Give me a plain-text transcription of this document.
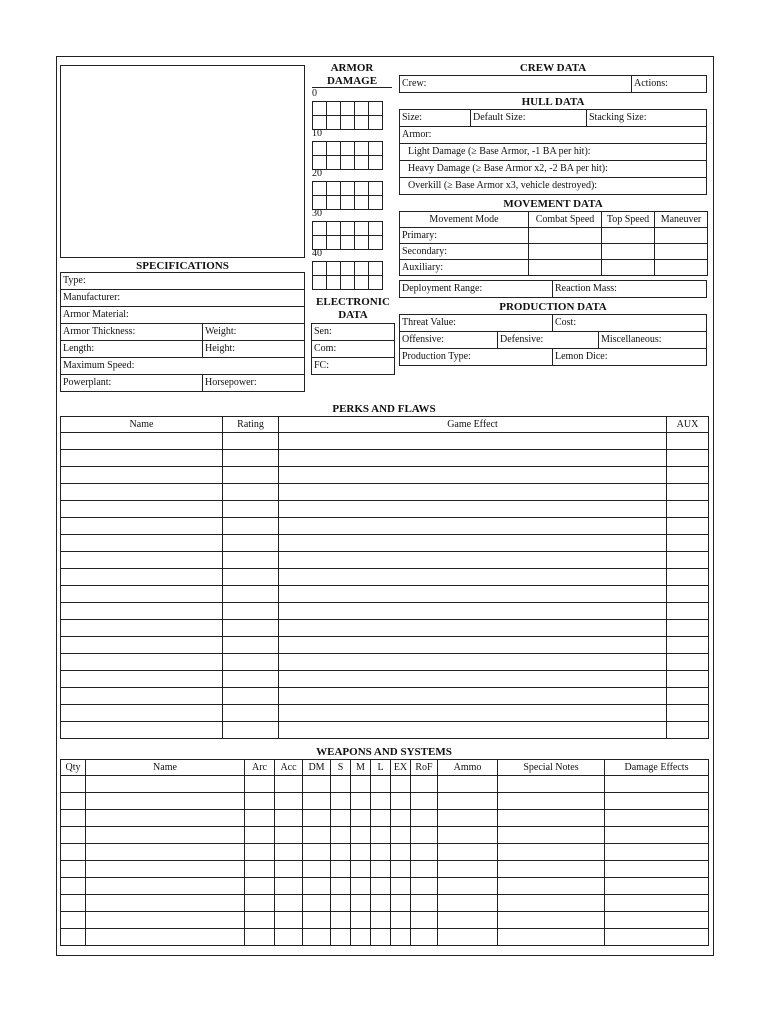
SPECIFICATIONS
Type:
Manufacturer:
Armor Material:
Armor Thickness:	Weight:
Length:	Height:
Maximum Speed:
Powerplant:	Horsepower:
ARMOR
DAMAGE
0
10
20
30
40
ELECTRONIC
DATA
Sen:
Com:
FC:
CREW DATA
Crew:	Actions:
HULL DATA
Size:	Default Size:	Stacking Size:
Armor:
Light Damage (≥ Base Armor, -1 BA per hit):
Heavy Damage (≥ Base Armor x2, -2 BA per hit):
Overkill (≥ Base Armor x3, vehicle destroyed):
MOVEMENT DATA
Movement Mode	Combat Speed	Top Speed	Maneuver
Primary:			
Secondary:			
Auxiliary:			
Deployment Range:	Reaction Mass:
PRODUCTION DATA
Threat Value:	Cost:
Offensive:	Defensive:	Miscellaneous:
Production Type:	Lemon Dice:
PERKS AND FLAWS
Name	Rating	Game Effect	AUX

WEAPONS AND SYSTEMS
Qty	Name	Arc	Acc	DM	S	M	L	EX	RoF	Ammo	Special Notes	Damage Effects
